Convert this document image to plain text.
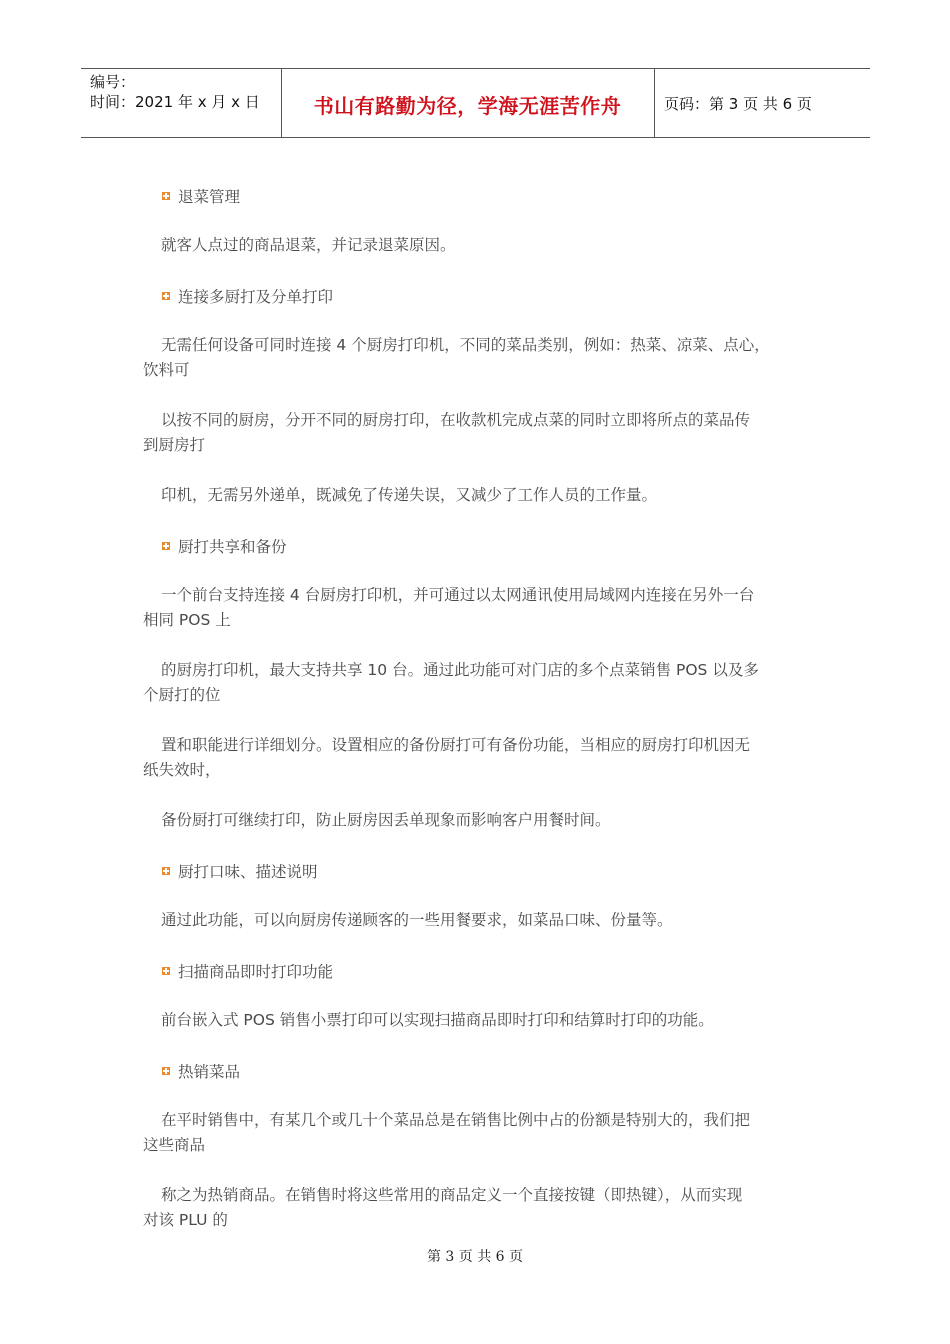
编号：
时间：2021 年 x 月 x 日	书山有路勤为径，学海无涯苦作舟	页码：第 3 页 共 6 页
退菜管理
就客人点过的商品退菜，并记录退菜原因。
连接多厨打及分单打印
无需任何设备可同时连接 4 个厨房打印机，不同的菜品类别，例如：热菜、凉菜、点心，
饮料可
以按不同的厨房，分开不同的厨房打印，在收款机完成点菜的同时立即将所点的菜品传
到厨房打
印机，无需另外递单，既减免了传递失误，又减少了工作人员的工作量。
厨打共享和备份
一个前台支持连接 4 台厨房打印机，并可通过以太网通讯使用局域网内连接在另外一台
相同 POS 上
的厨房打印机，最大支持共享 10 台。通过此功能可对门店的多个点菜销售 POS 以及多
个厨打的位
置和职能进行详细划分。设置相应的备份厨打可有备份功能，当相应的厨房打印机因无
纸失效时，
备份厨打可继续打印，防止厨房因丢单现象而影响客户用餐时间。
厨打口味、描述说明
通过此功能，可以向厨房传递顾客的一些用餐要求，如菜品口味、份量等。
扫描商品即时打印功能
前台嵌入式 POS 销售小票打印可以实现扫描商品即时打印和结算时打印的功能。
热销菜品
在平时销售中，有某几个或几十个菜品总是在销售比例中占的份额是特别大的，我们把
这些商品
称之为热销商品。在销售时将这些常用的商品定义一个直接按键（即热键），从而实现
对该 PLU 的
第 3 页 共 6 页
